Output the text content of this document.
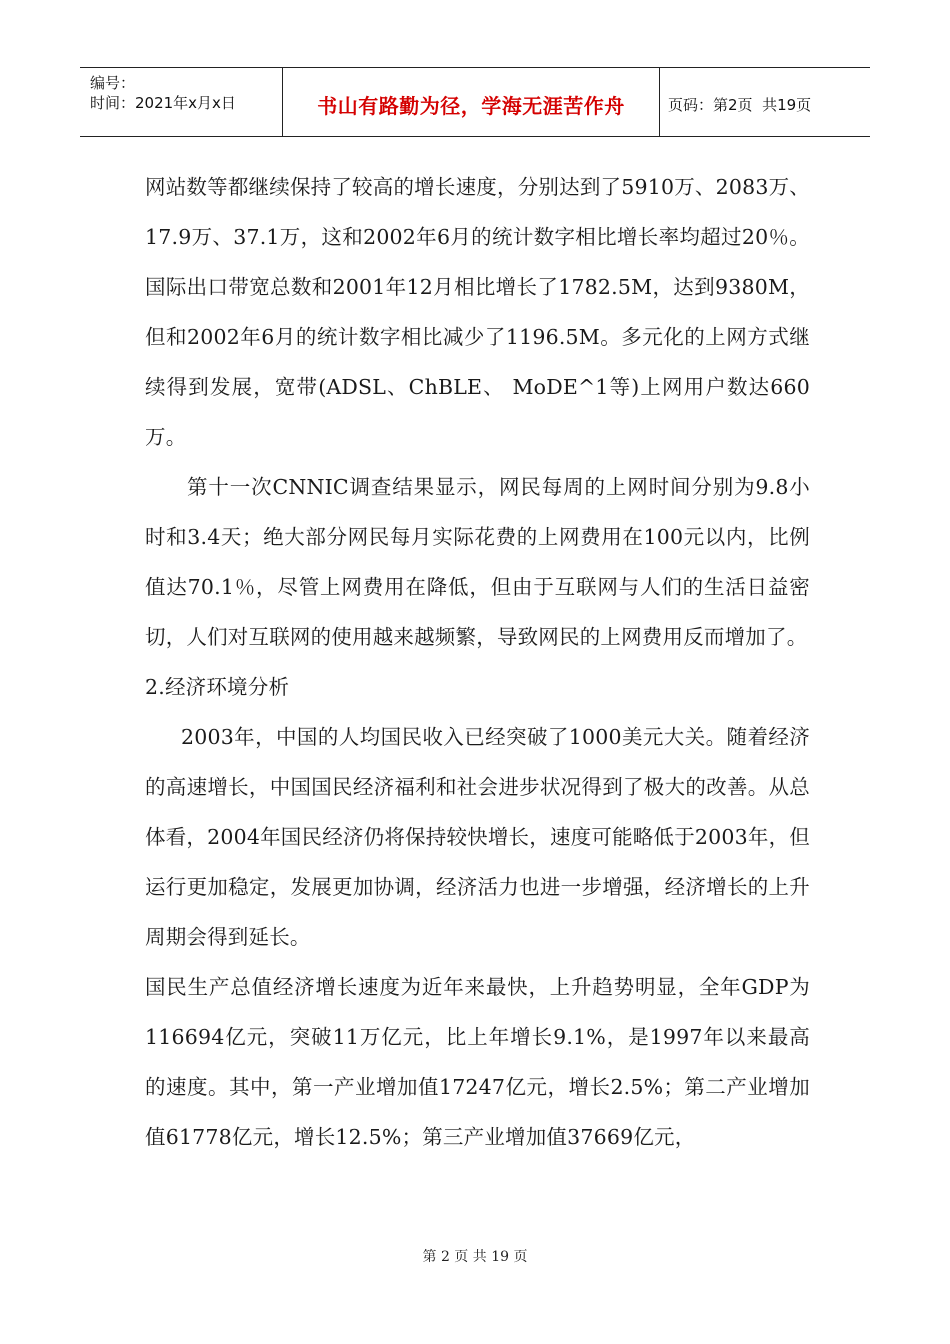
编号：
时间：2021年x月x日	书山有路勤为径，学海无涯苦作舟	页码：第2页  共19页

网站数等都继续保持了较高的增长速度，分别达到了5910万、2083万、17.9万、37.1万，这和2002年6月的统计数字相比增长率均超过20％。国际出口带宽总数和2001年12月相比增长了1782.5M，达到9380M，但和2002年6月的统计数字相比减少了1196.5M。多元化的上网方式继续得到发展，宽带(ADSL、ChBLE、 MoDE^1等)上网用户数达660万。

第十一次CNNIC调查结果显示，网民每周的上网时间分别为9.8小时和3.4天；绝大部分网民每月实际花费的上网费用在100元以内，比例值达70.1％，尽管上网费用在降低，但由于互联网与人们的生活日益密切，人们对互联网的使用越来越频繁，导致网民的上网费用反而增加了。

2.经济环境分析

2003年，中国的人均国民收入已经突破了1000美元大关。随着经济的高速增长，中国国民经济福利和社会进步状况得到了极大的改善。从总体看，2004年国民经济仍将保持较快增长，速度可能略低于2003年，但运行更加稳定，发展更加协调，经济活力也进一步增强，经济增长的上升周期会得到延长。

国民生产总值经济增长速度为近年来最快，上升趋势明显，全年GDP为116694亿元，突破11万亿元，比上年增长9.1%，是1997年以来最高的速度。其中，第一产业增加值17247亿元，增长2.5%；第二产业增加值61778亿元，增长12.5%；第三产业增加值37669亿元，

第 2 页 共 19 页
